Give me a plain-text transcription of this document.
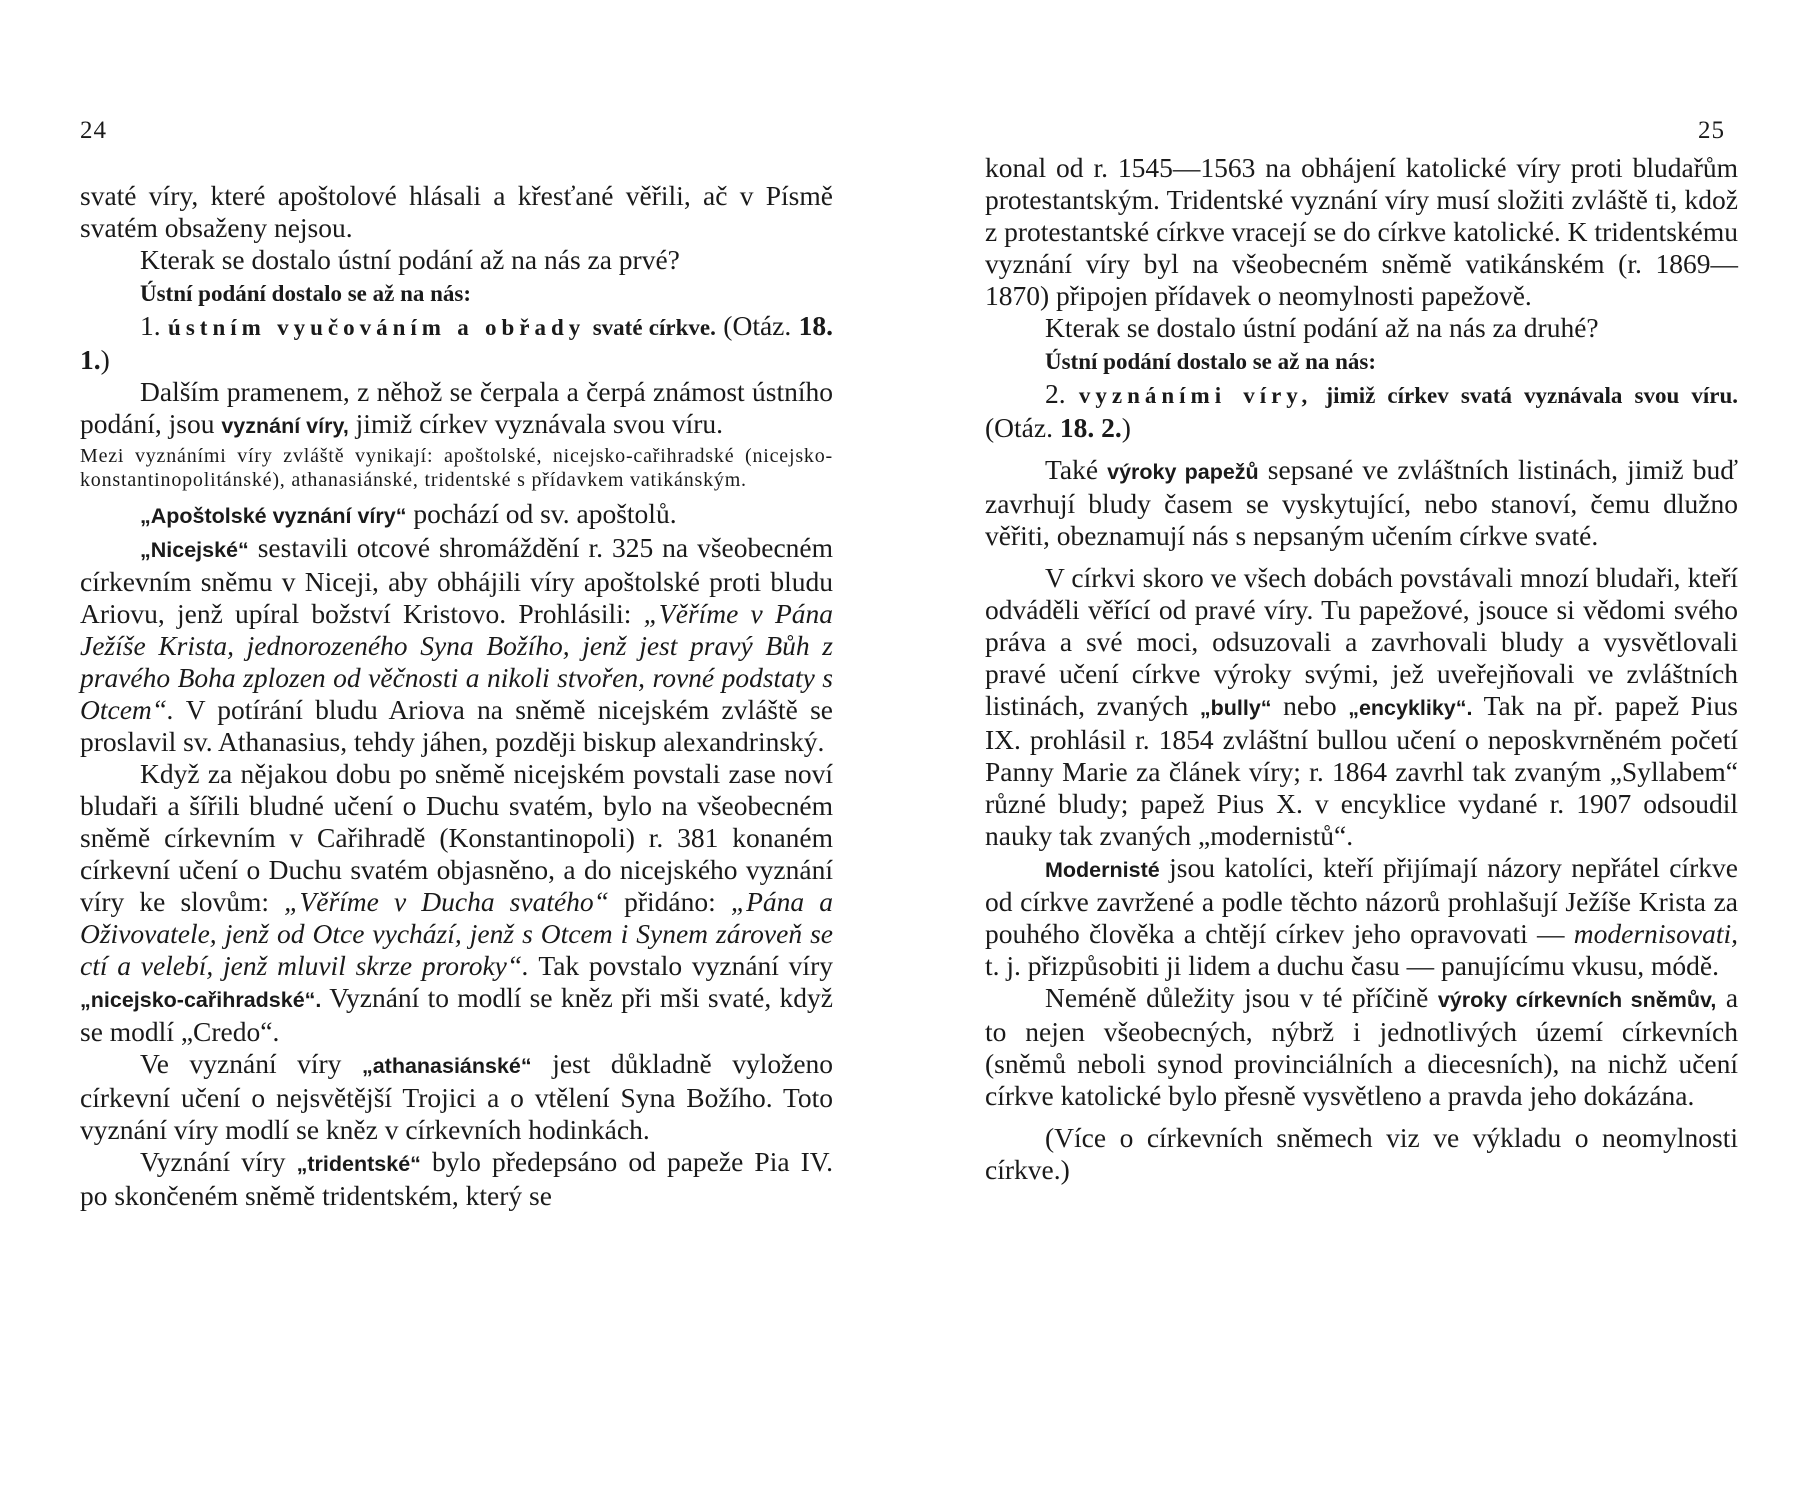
24

svaté víry, které apoštolové hlásali a křesťané věřili, ač v Písmě svatém obsaženy nejsou.

Kterak se dostalo ústní podání až na nás za prvé?

Ústní podání dostalo se až na nás:

1. ústním vyučováním a obřady svaté církve. (Otáz. 18. 1.)

Dalším pramenem, z něhož se čerpala a čerpá známost ústního podání, jsou vyznání víry, jimiž církev vyznávala svou víru.

Mezi vyznáními víry zvláště vynikají: apoštolské, nicejsko-cařihradské (nicejsko-konstantinopolitánské), athanasiánské, tridentské s přídavkem vatikánským.

„Apoštolské vyznání víry“ pochází od sv. apoštolů.

„Nicejské“ sestavili otcové shromáždění r. 325 na všeobecném církevním sněmu v Niceji, aby obhájili víry apoštolské proti bludu Ariovu, jenž upíral božství Kristovo. Prohlásili: „Věříme v Pána Ježíše Krista, jednorozeného Syna Božího, jenž jest pravý Bůh z pravého Boha zplozen od věčnosti a nikoli stvořen, rovné podstaty s Otcem“. V potírání bludu Ariova na sněmě nicejském zvláště se proslavil sv. Athanasius, tehdy jáhen, později biskup alexandrinský.

Když za nějakou dobu po sněmě nicejském povstali zase noví bludaři a šířili bludné učení o Duchu svatém, bylo na všeobecném sněmě církevním v Cařihradě (Konstantinopoli) r. 381 konaném církevní učení o Duchu svatém objasněno, a do nicejského vyznání víry ke slovům: „Věříme v Ducha svatého“ přidáno: „Pána a Oživovatele, jenž od Otce vychází, jenž s Otcem i Synem zároveň se ctí a velebí, jenž mluvil skrze proroky“. Tak povstalo vyznání víry „nicejsko-cařihradské“. Vyznání to modlí se kněz při mši svaté, když se modlí „Credo“.

Ve vyznání víry „athanasiánské“ jest důkladně vyloženo církevní učení o nejsvětější Trojici a o vtělení Syna Božího. Toto vyznání víry modlí se kněz v církevních hodinkách.

Vyznání víry „tridentské“ bylo předepsáno od papeže Pia IV. po skončeném sněmě tridentském, který se

25

konal od r. 1545—1563 na obhájení katolické víry proti bludařům protestantským. Tridentské vyznání víry musí složiti zvláště ti, kdož z protestantské církve vracejí se do církve katolické. K tridentskému vyznání víry byl na všeobecném sněmě vatikánském (r. 1869—1870) připojen přídavek o neomylnosti papežově.

Kterak se dostalo ústní podání až na nás za druhé?

Ústní podání dostalo se až na nás:

2. vyznáními víry, jimiž církev svatá vyznávala svou víru. (Otáz. 18. 2.)

Také výroky papežů sepsané ve zvláštních listinách, jimiž buď zavrhují bludy časem se vyskytující, nebo stanoví, čemu dlužno věřiti, obeznamují nás s nepsaným učením církve svaté.

V církvi skoro ve všech dobách povstávali mnozí bludaři, kteří odváděli věřící od pravé víry. Tu papežové, jsouce si vědomi svého práva a své moci, odsuzovali a zavrhovali bludy a vysvětlovali pravé učení církve výroky svými, jež uveřejňovali ve zvláštních listinách, zvaných „bully“ nebo „encykliky“. Tak na př. papež Pius IX. prohlásil r. 1854 zvláštní bullou učení o neposkvrněném početí Panny Marie za článek víry; r. 1864 zavrhl tak zvaným „Syllabem“ různé bludy; papež Pius X. v encyklice vydané r. 1907 odsoudil nauky tak zvaných „modernistů“.

Modernisté jsou katolíci, kteří přijímají názory nepřátel církve od církve zavržené a podle těchto názorů prohlašují Ježíše Krista za pouhého člověka a chtějí církev jeho opravovati — modernisovati, t. j. přizpůsobiti ji lidem a duchu času — panujícímu vkusu, módě.

Neméně důležity jsou v té příčině výroky církevních sněmův, a to nejen všeobecných, nýbrž i jednotlivých území církevních (sněmů neboli synod provinciálních a diecesních), na nichž učení církve katolické bylo přesně vysvětleno a pravda jeho dokázána.

(Více o církevních sněmech viz ve výkladu o neomylnosti církve.)
